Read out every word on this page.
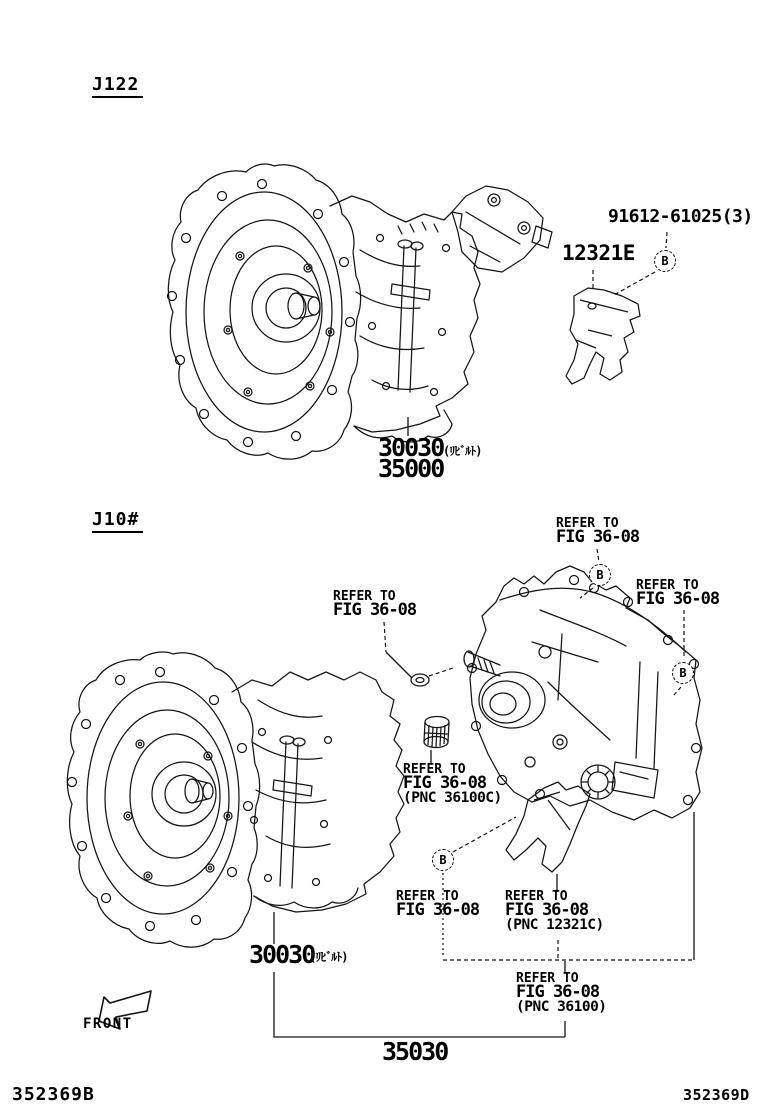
J122
91612-61025(3)
12321E
30030 (ﾘﾋﾞﾙﾄ)
35000
J10#	REFER TO
FIG 36-08
REFER TO
FIG 36-08
REFER TO
FIG 36-08
REFER TO
FIG 36-08
(PNC 36100C)
REFER TO
FIG 36-08
REFER TO
FIG 36-08
(PNC 12321C)
REFER TO
FIG 36-08
(PNC 36100)
B
B
B
B
30030
(ﾘﾋﾞﾙﾄ)
35030
FRONT
352369B	352369D
